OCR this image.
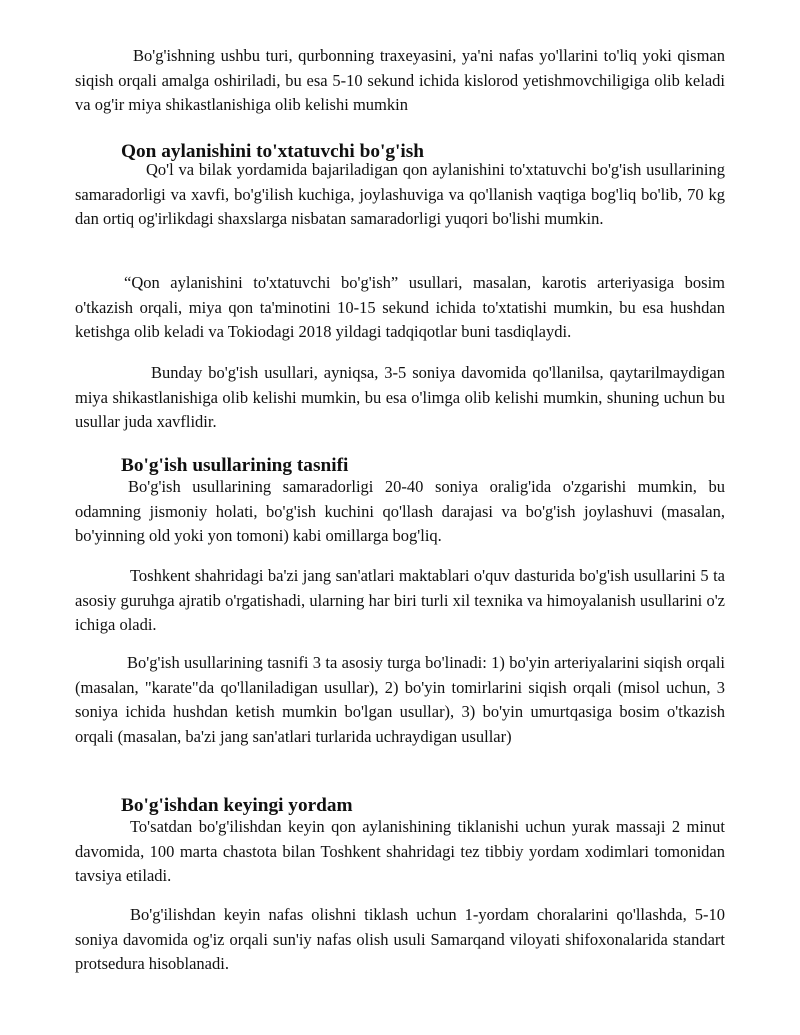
Bo'g'ishning ushbu turi, qurbonning traxeyasini, ya'ni nafas yo'llarini to'liq yoki qisman siqish orqali amalga oshiriladi, bu esa 5-10 sekund ichida kislorod yetishmovchiligiga olib keladi va og'ir miya shikastlanishiga olib kelishi mumkin

Qon aylanishini to'xtatuvchi bo'g'ish

Qo'l va bilak yordamida bajariladigan qon aylanishini to'xtatuvchi bo'g'ish usullarining samaradorligi va xavfi, bo'g'ilish kuchiga, joylashuviga va qo'llanish vaqtiga bog'liq bo'lib, 70 kg dan ortiq og'irlikdagi shaxslarga nisbatan samaradorligi yuqori bo'lishi mumkin.

“Qon aylanishini to'xtatuvchi bo'g'ish” usullari, masalan, karotis arteriyasiga bosim o'tkazish orqali, miya qon ta'minotini 10-15 sekund ichida to'xtatishi mumkin, bu esa hushdan ketishga olib keladi va Tokiodagi 2018 yildagi tadqiqotlar buni tasdiqlaydi.

Bunday bo'g'ish usullari, ayniqsa, 3-5 soniya davomida qo'llanilsa, qaytarilmaydigan miya shikastlanishiga olib kelishi mumkin, bu esa o'limga olib kelishi mumkin, shuning uchun bu usullar juda xavflidir.

Bo'g'ish usullarining tasnifi

Bo'g'ish usullarining samaradorligi 20-40 soniya oralig'ida o'zgarishi mumkin, bu odamning jismoniy holati, bo'g'ish kuchini qo'llash darajasi va bo'g'ish joylashuvi (masalan, bo'yinning old yoki yon tomoni) kabi omillarga bog'liq.

Toshkent shahridagi ba'zi jang san'atlari maktablari o'quv dasturida bo'g'ish usullarini 5 ta asosiy guruhga ajratib o'rgatishadi, ularning har biri turli xil texnika va himoyalanish usullarini o'z ichiga oladi.

Bo'g'ish usullarining tasnifi 3 ta asosiy turga bo'linadi: 1) bo'yin arteriyalarini siqish orqali (masalan, "karate"da qo'llaniladigan usullar), 2) bo'yin tomirlarini siqish orqali (misol uchun, 3 soniya ichida hushdan ketish mumkin bo'lgan usullar), 3) bo'yin umurtqasiga bosim o'tkazish orqali (masalan, ba'zi jang san'atlari turlarida uchraydigan usullar)

Bo'g'ishdan keyingi yordam

To'satdan bo'g'ilishdan keyin qon aylanishining tiklanishi uchun yurak massaji 2 minut davomida, 100 marta chastota bilan Toshkent shahridagi tez tibbiy yordam xodimlari tomonidan tavsiya etiladi.

Bo'g'ilishdan keyin nafas olishni tiklash uchun 1-yordam choralarini qo'llashda, 5-10 soniya davomida og'iz orqali sun'iy nafas olish usuli Samarqand viloyati shifoxonalarida standart protsedura hisoblanadi.
